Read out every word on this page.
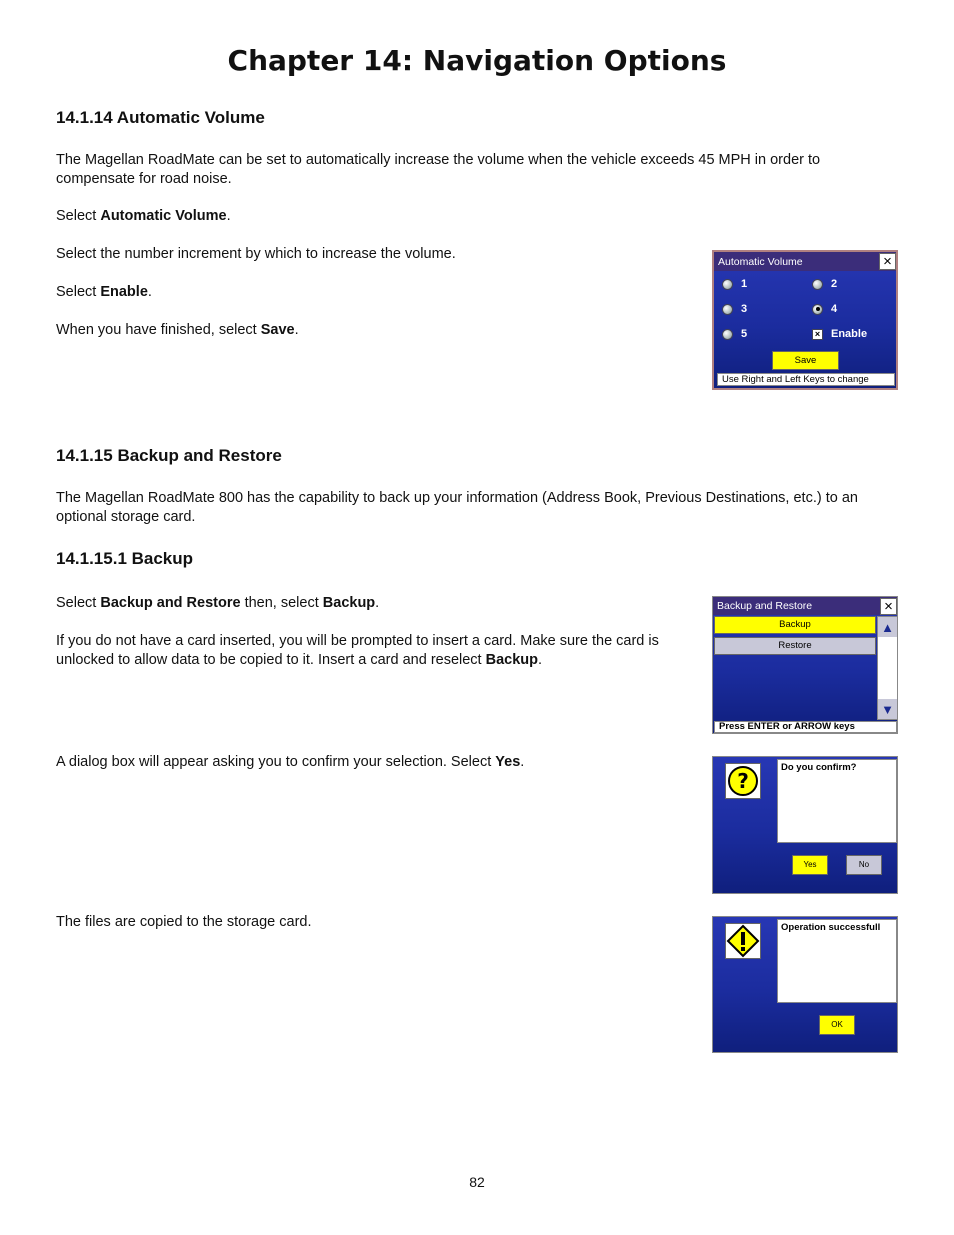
Chapter 14: Navigation Options
14.1.14 Automatic Volume

The Magellan RoadMate can be set to automatically increase the volume when the vehicle exceeds 45 MPH in order to compensate for road noise.

Select Automatic Volume.

Select the number increment by which to increase the volume.

Select Enable.

When you have finished, select Save.

Automatic Volume	×
1	2
3	4
5	× Enable
Save
Use Right and Left Keys to change
14.1.15 Backup and Restore

The Magellan RoadMate 800 has the capability to back up your information (Address Book, Previous Destinations, etc.) to an optional storage card.

14.1.15.1 Backup

Select Backup and Restore then, select Backup.

If you do not have a card inserted, you will be prompted to insert a card. Make sure the card is unlocked to allow data to be copied to it. Insert a card and reselect Backup.

A dialog box will appear asking you to confirm your selection. Select Yes.

The files are copied to the storage card.

Backup and Restore	×
Backup
Restore
▲
▼
Press ENTER or ARROW keys
?
Do you confirm?
Yes	No
Operation successfull
OK
82
